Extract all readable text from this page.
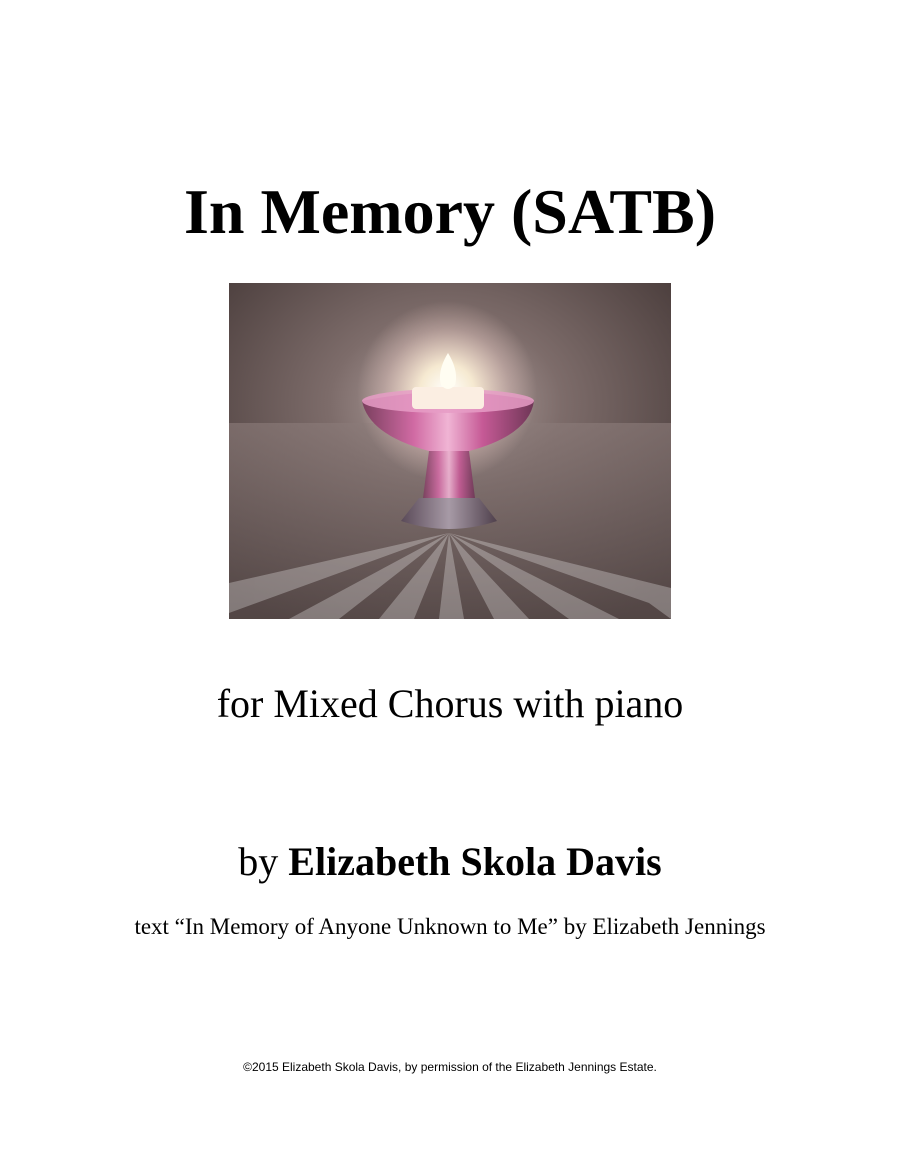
In Memory (SATB)
for Mixed Chorus with piano
by Elizabeth Skola Davis
text “In Memory of Anyone Unknown to Me” by Elizabeth Jennings
©2015 Elizabeth Skola Davis, by permission of the Elizabeth Jennings Estate.
